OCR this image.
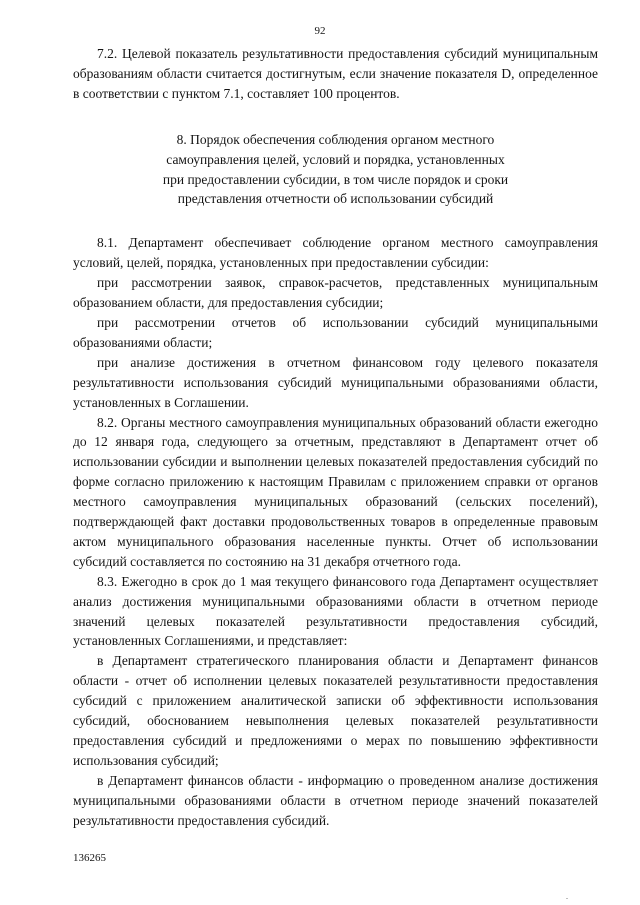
92

7.2. Целевой показатель результативности предоставления субсидий муниципальным образованиям области считается достигнутым, если значение показателя D, определенное в соответствии с пунктом 7.1, составляет 100 процентов.

8. Порядок обеспечения соблюдения органом местного
самоуправления целей, условий и порядка, установленных
при предоставлении субсидии, в том числе порядок и сроки
представления отчетности об использовании субсидий

8.1. Департамент обеспечивает соблюдение органом местного самоуправления условий, целей, порядка, установленных при предоставлении субсидии:

при рассмотрении заявок, справок-расчетов, представленных муниципальным образованием области, для предоставления субсидии;

при рассмотрении отчетов об использовании субсидий муниципальными образованиями области;

при анализе достижения в отчетном финансовом году целевого показателя результативности использования субсидий муниципальными образованиями области, установленных в Соглашении.

8.2. Органы местного самоуправления муниципальных образований области ежегодно до 12 января года, следующего за отчетным, представляют в Департамент отчет об использовании субсидии и выполнении целевых показателей предоставления субсидий по форме согласно приложению к настоящим Правилам с приложением справки от органов местного самоуправления муниципальных образований (сельских поселений), подтверждающей факт доставки продовольственных товаров в определенные правовым актом муниципального образования населенные пункты. Отчет об использовании субсидий составляется по состоянию на 31 декабря отчетного года.

8.3. Ежегодно в срок до 1 мая текущего финансового года Департамент осуществляет анализ достижения муниципальными образованиями области в отчетном периоде значений целевых показателей результативности предоставления субсидий, установленных Соглашениями, и представляет:

в Департамент стратегического планирования области и Департамент финансов области - отчет об исполнении целевых показателей результативности предоставления субсидий с приложением аналитической записки об эффективности использования субсидий, обоснованием невыполнения целевых показателей результативности предоставления субсидий и предложениями о мерах по повышению эффективности использования субсидий;

в Департамент финансов области - информацию о проведенном анализе достижения муниципальными образованиями области в отчетном периоде значений показателей результативности предоставления субсидий.

136265
.
